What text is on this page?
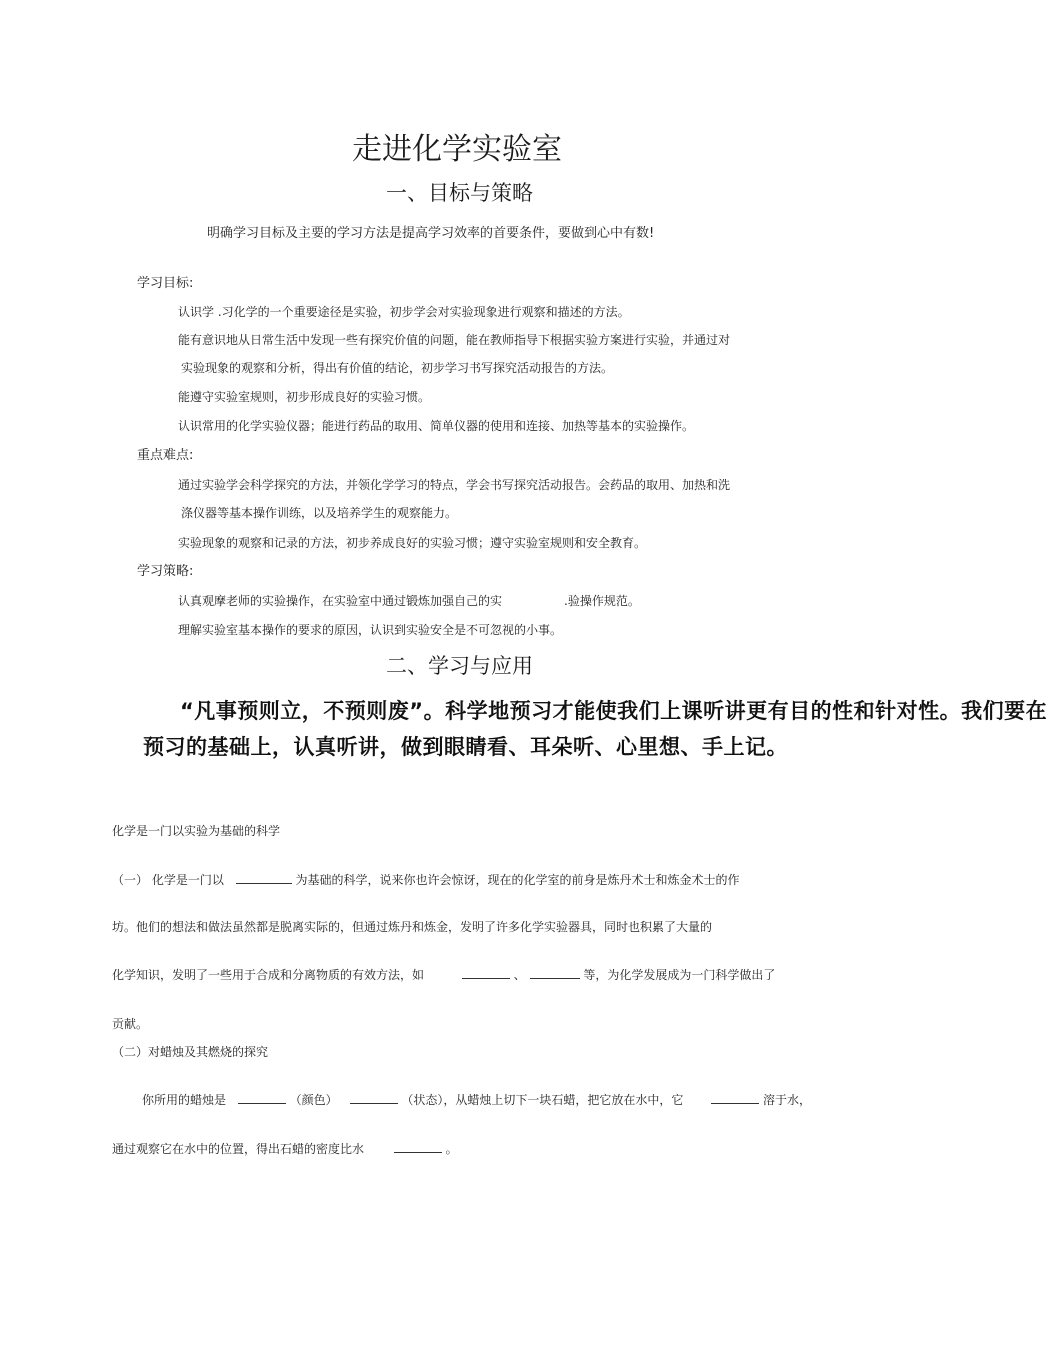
走进化学实验室
一、目标与策略
明确学习目标及主要的学习方法是提高学习效率的首要条件，要做到心中有数!
学习目标:
认识学 .习化学的一个重要途径是实验，初步学会对实验现象进行观察和描述的方法。
能有意识地从日常生活中发现一些有探究价值的问题，能在教师指导下根据实验方案进行实验，并通过对
实验现象的观察和分析，得出有价值的结论，初步学习书写探究活动报告的方法。
能遵守实验室规则，初步形成良好的实验习惯。
认识常用的化学实验仪器；能进行药品的取用、简单仪器的使用和连接、加热等基本的实验操作。
重点难点:
通过实验学会科学探究的方法，并领化学学习的特点，学会书写探究活动报告。会药品的取用、加热和洗
涤仪器等基本操作训练，以及培养学生的观察能力。
实验现象的观察和记录的方法，初步养成良好的实验习惯；遵守实验室规则和安全教育。
学习策略:
认真观摩老师的实验操作，在实验室中通过锻炼加强自己的实	.验操作规范。
理解实验室基本操作的要求的原因，认识到实验安全是不可忽视的小事。
二、学习与应用
“凡事预则立，不预则废”。科学地预习才能使我们上课听讲更有目的性和针对性。我们要在
预习的基础上，认真听讲，做到眼睛看、耳朵听、心里想、手上记。
化学是一门以实验为基础的科学
（一） 化学是一门以	为基础的科学，说来你也许会惊讶，现在的化学室的前身是炼丹术士和炼金术士的作
坊。他们的想法和做法虽然都是脱离实际的，但通过炼丹和炼金，发明了许多化学实验器具，同时也积累了大量的
化学知识，发明了一些用于合成和分离物质的有效方法，如	、	等，为化学发展成为一门科学做出了
贡献。
（二）对蜡烛及其燃烧的探究
你所用的蜡烛是	（颜色）	（状态），从蜡烛上切下一块石蜡，把它放在水中，它	溶于水，
通过观察它在水中的位置，得出石蜡的密度比水	。
